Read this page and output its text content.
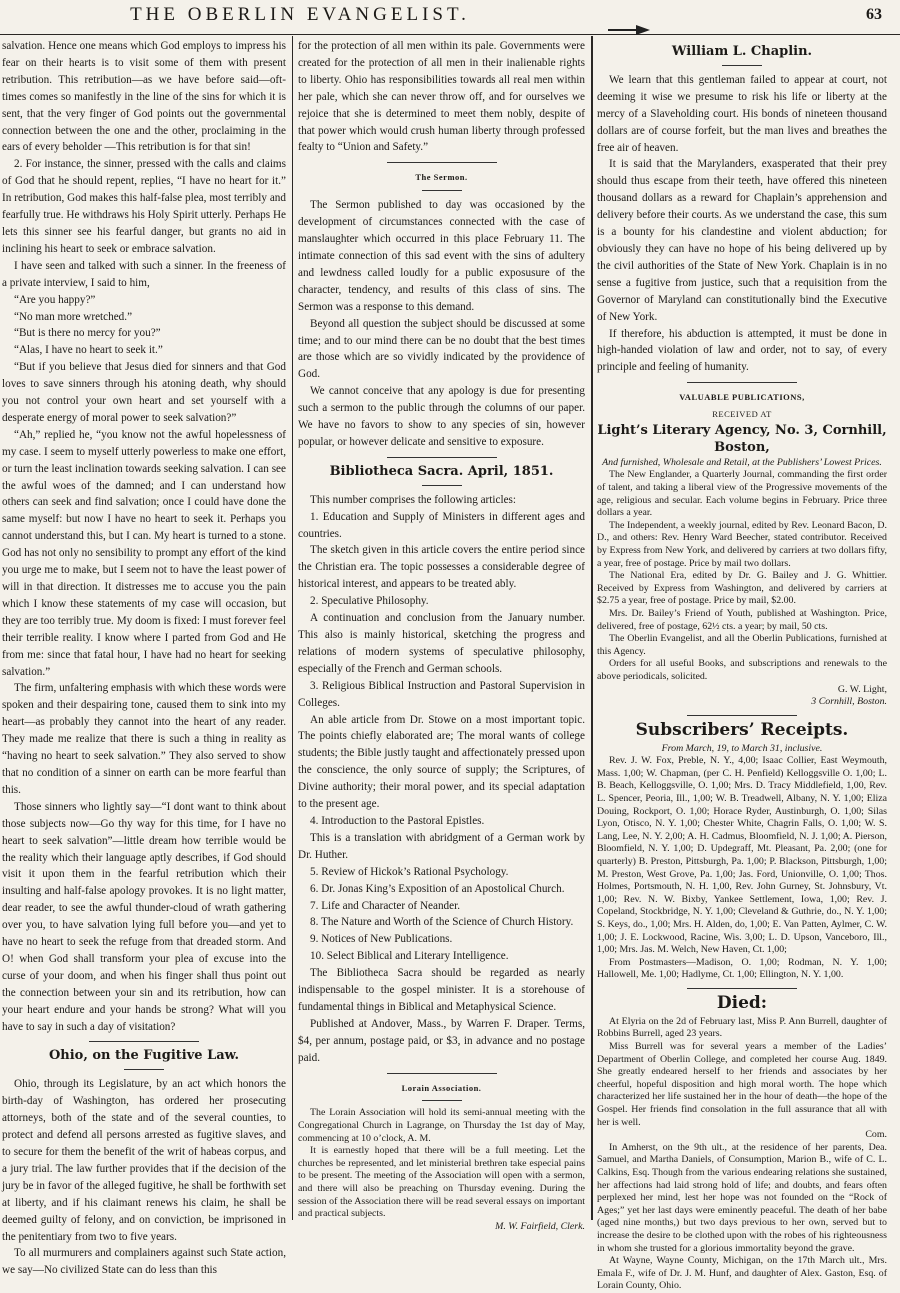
THE OBERLIN EVANGELIST.	63

salvation. Hence one means which God employs to impress his fear on their hearts is to visit some of them with present retribution. This retribution—as we have before said—oft-times comes so manifestly in the line of the sins for which it is sent, that the very finger of God points out the governmental connection between the one and the other, proclaiming in the ears of every beholder —This retribution is for that sin!

2. For instance, the sinner, pressed with the calls and claims of God that he should repent, replies, “I have no heart for it.” In retribution, God makes this half-false plea, most terribly and fearfully true. He withdraws his Holy Spirit utterly. Perhaps He lets this sinner see his fearful danger, but grants no aid in inclining his heart to seek or embrace salvation.

I have seen and talked with such a sinner. In the freeness of a private interview, I said to him,

“Are you happy?”

“No man more wretched.”

“But is there no mercy for you?”

“Alas, I have no heart to seek it.”

“But if you believe that Jesus died for sinners and that God loves to save sinners through his atoning death, why should you not control your own heart and set yourself with a desperate energy of moral power to seek salvation?”

“Ah,” replied he, “you know not the awful hopelessness of my case. I seem to myself utterly powerless to make one effort, or turn the least inclination towards seeking salvation. I can see the awful woes of the damned; and I can understand how others can seek and find salvation; once I could have done the same myself: but now I have no heart to seek it. Perhaps you cannot understand this, but I can. My heart is turned to a stone. God has not only no sensibility to prompt any effort of the kind you urge me to make, but I seem not to have the least power of will in that direction. It distresses me to accuse you the pain which I know these statements of my case will occasion, but they are too terribly true. My doom is fixed: I must forever feel their terrible reality. I know where I parted from God and He from me: since that fatal hour, I have had no heart for seeking salvation.”

The firm, unfaltering emphasis with which these words were spoken and their despairing tone, caused them to sink into my heart—as probably they cannot into the heart of any reader. They made me realize that there is such a thing in reality as “having no heart to seek salvation.” They also served to show that no condition of a sinner on earth can be more fearful than this.

Those sinners who lightly say—“I dont want to think about those subjects now—Go thy way for this time, for I have no heart to seek salvation”—little dream how terrible would be the reality which their language aptly describes, if God should visit it upon them in the fearful retribution which their insulting and half-false apology provokes. It is no light matter, dear reader, to see the awful thunder-cloud of wrath gathering over you, to have salvation lying full before you—and yet to have no heart to seek the refuge from that dreaded storm. And O! when God shall transform your plea of excuse into the curse of your doom, and when his finger shall thus point out the connection between your sin and its retribution, how can your heart endure and your hands be strong? What will you have to say in such a day of visitation?

Ohio, on the Fugitive Law.

Ohio, through its Legislature, by an act which honors the birth-day of Washington, has ordered her prosecuting attorneys, both of the state and of the several counties, to protect and defend all persons arrested as fugitive slaves, and to secure for them the benefit of the writ of habeas corpus, and a jury trial. The law further provides that if the decision of the jury be in favor of the alleged fugitive, he shall be forthwith set at liberty, and if his claimant renews his claim, he shall be deemed guilty of felony, and on conviction, be imprisoned in the penitentiary from two to five years.

To all murmurers and complainers against such State action, we say—No civilized State can do less than this

for the protection of all men within its pale. Governments were created for the protection of all men in their inalienable rights to liberty. Ohio has responsibilities towards all real men within her pale, which she can never throw off, and for ourselves we rejoice that she is determined to meet them nobly, despite of that power which would crush human liberty through professed fealty to “Union and Safety.”

The Sermon.

The Sermon published to day was occasioned by the development of circumstances connected with the case of manslaughter which occurred in this place February 11. The intimate connection of this sad event with the sins of adultery and lewdness called loudly for a public exposusure of the character, tendency, and results of this class of sins. The Sermon was a response to this demand.

Beyond all question the subject should be discussed at some time; and to our mind there can be no doubt that the best times are those which are so vividly indicated by the providence of God.

We cannot conceive that any apology is due for presenting such a sermon to the public through the columns of our paper. We have no favors to show to any species of sin, however popular, or however delicate and sensitive to exposure.

Bibliotheca Sacra. April, 1851.

This number comprises the following articles:

1. Education and Supply of Ministers in different ages and countries.

The sketch given in this article covers the entire period since the Christian era. The topic possesses a considerable degree of historical interest, and appears to be treated ably.

2. Speculative Philosophy.

A continuation and conclusion from the January number. This also is mainly historical, sketching the progress and relations of modern systems of speculative philosophy, especially of the French and German schools.

3. Religious Biblical Instruction and Pastoral Supervision in Colleges.

An able article from Dr. Stowe on a most important topic. The points chiefly elaborated are; The moral wants of college students; the Bible justly taught and affectionately pressed upon the conscience, the only source of supply; the Scriptures, of Divine authority; their moral power, and its special adaptation to the present age.

4. Introduction to the Pastoral Epistles.

This is a translation with abridgment of a German work by Dr. Huther.

5. Review of Hickok’s Rational Psychology.

6. Dr. Jonas King’s Exposition of an Apostolical Church.

7. Life and Character of Neander.

8. The Nature and Worth of the Science of Church History.

9. Notices of New Publications.

10. Select Biblical and Literary Intelligence.

The Bibliotheca Sacra should be regarded as nearly indispensable to the gospel minister. It is a storehouse of fundamental things in Biblical and Metaphysical Science.

Published at Andover, Mass., by Warren F. Draper. Terms, $4, per annum, postage paid, or $3, in advance and no postage paid.

Lorain Association.

The Lorain Association will hold its semi-annual meeting with the Congregational Church in Lagrange, on Thursday the 1st day of May, commencing at 10 o’clock, A. M.

It is earnestly hoped that there will be a full meeting. Let the churches be represented, and let ministerial brethren take especial pains to be present. The meeting of the Association will open with a sermon, and there will also be preaching on Thursday evening. During the session of the Association there will be read several essays on important and practical subjects.

M. W. Fairfield, Clerk.

William L. Chaplin.

We learn that this gentleman failed to appear at court, not deeming it wise we presume to risk his life or liberty at the mercy of a Slaveholding court. His bonds of nineteen thousand dollars are of course forfeit, but the man lives and breathes the free air of heaven.

It is said that the Marylanders, exasperated that their prey should thus escape from their teeth, have offered this nineteen thousand dollars as a reward for Chaplain’s apprehension and delivery before their courts. As we understand the case, this sum is a bounty for his clandestine and violent abduction; for obviously they can have no hope of his being delivered up by the civil authorities of the State of New York. Chaplain is in no sense a fugitive from justice, such that a requisition from the Governor of Maryland can constitutionally bind the Executive of New York.

If therefore, his abduction is attempted, it must be done in high-handed violation of law and order, not to say, of every principle and feeling of humanity.

VALUABLE PUBLICATIONS,

RECEIVED AT

Light’s Literary Agency, No. 3, Cornhill, Boston,

And furnished, Wholesale and Retail, at the Publishers’ Lowest Prices.

The New Englander, a Quarterly Journal, commanding the first order of talent, and taking a liberal view of the Progressive movements of the age, religious and secular. Each volume begins in February. Price three dollars a year.

The Independent, a weekly journal, edited by Rev. Leonard Bacon, D. D., and others: Rev. Henry Ward Beecher, stated contributor. Received by Express from New York, and delivered by carriers at two dollars fifty, a year, free of postage. Price by mail two dollars.

The National Era, edited by Dr. G. Bailey and J. G. Whittier. Received by Express from Washington, and delivered by carriers at $2.75 a year, free of postage. Price by mail, $2.00.

Mrs. Dr. Bailey’s Friend of Youth, published at Washington. Price, delivered, free of postage, 62½ cts. a year; by mail, 50 cts.

The Oberlin Evangelist, and all the Oberlin Publications, furnished at this Agency.

Orders for all useful Books, and subscriptions and renewals to the above periodicals, solicited.

G. W. Light,

3 Cornhill, Boston.

Subscribers’ Receipts.

From March, 19, to March 31, inclusive.

Rev. J. W. Fox, Preble, N. Y., 4,00; Isaac Collier, East Weymouth, Mass. 1,00; W. Chapman, (per C. H. Penfield) Kelloggsville O. 1,00; L. B. Beach, Kelloggsville, O. 1,00; Mrs. D. Tracy Middlefield, 1,00, Rev. L. Spencer, Peoria, Ill., 1,00; W. B. Treadwell, Albany, N. Y. 1,00; Eliza Douing, Rockport, O. 1,00; Horace Ryder, Austinburgh, O. 1,00; Silas Lyon, Otisco, N. Y. 1,00; Chester White, Chagrin Falls, O. 1,00; W. S. Lang, Lee, N. Y. 2,00; A. H. Cadmus, Bloomfield, N. J. 1,00; A. Pierson, Bloomfield, N. Y. 1,00; D. Updegraff, Mt. Pleasant, Pa. 2,00; (one for quarterly) B. Preston, Pittsburgh, Pa. 1,00; P. Blackson, Pittsburgh, 1,00; M. Preston, West Grove, Pa. 1,00; Jas. Ford, Unionville, O. 1,00; Thos. Holmes, Portsmouth, N. H. 1,00, Rev. John Gurney, St. Johnsbury, Vt. 1,00; Rev. N. W. Bixby, Yankee Settlement, Iowa, 1,00; Rev. J. Copeland, Stockbridge, N. Y. 1,00; Cleveland & Guthrie, do., N. Y. 1,00; S. Keys, do., 1,00; Mrs. H. Alden, do, 1,00; E. Van Patten, Aylmer, C. W. 1,00; J. E. Lockwood, Racine, Wis. 3,00; L. D. Upson, Vanceboro, Ill., 1,00; Mrs. Jas. M. Welch, New Haven, Ct. 1,00;

From Postmasters—Madison, O. 1,00; Rodman, N. Y. 1,00; Hallowell, Me. 1,00; Hadlyme, Ct. 1,00; Ellington, N. Y. 1,00.

Died:

At Elyria on the 2d of February last, Miss P. Ann Burrell, daughter of Robbins Burrell, aged 23 years.

Miss Burrell was for several years a member of the Ladies’ Department of Oberlin College, and completed her course Aug. 1849. She greatly endeared herself to her friends and associates by her cheerful, hopeful disposition and high moral worth. The hope which characterized her life sustained her in the hour of death—the hope of the Gospel. Her friends find consolation in the full assurance that all with her is well.

Com.

In Amherst, on the 9th ult., at the residence of her parents, Dea. Samuel, and Martha Daniels, of Consumption, Marion B., wife of C. L. Calkins, Esq. Though from the various endearing relations she sustained, her affections had laid strong hold of life; and doubts, and fears often perplexed her mind, lest her hope was not founded on the “Rock of Ages;” yet her last days were eminently peaceful. The death of her babe (aged nine months,) but two days previous to her own, served but to increase the desire to be clothed upon with the robes of his righteousness in whom she trusted for a glorious immortality beyond the grave.

At Wayne, Wayne County, Michigan, on the 17th March ult., Mrs. Emala F., wife of Dr. J. M. Hunf, and daughter of Alex. Gaston, Esq. of Lorain County, Ohio.
